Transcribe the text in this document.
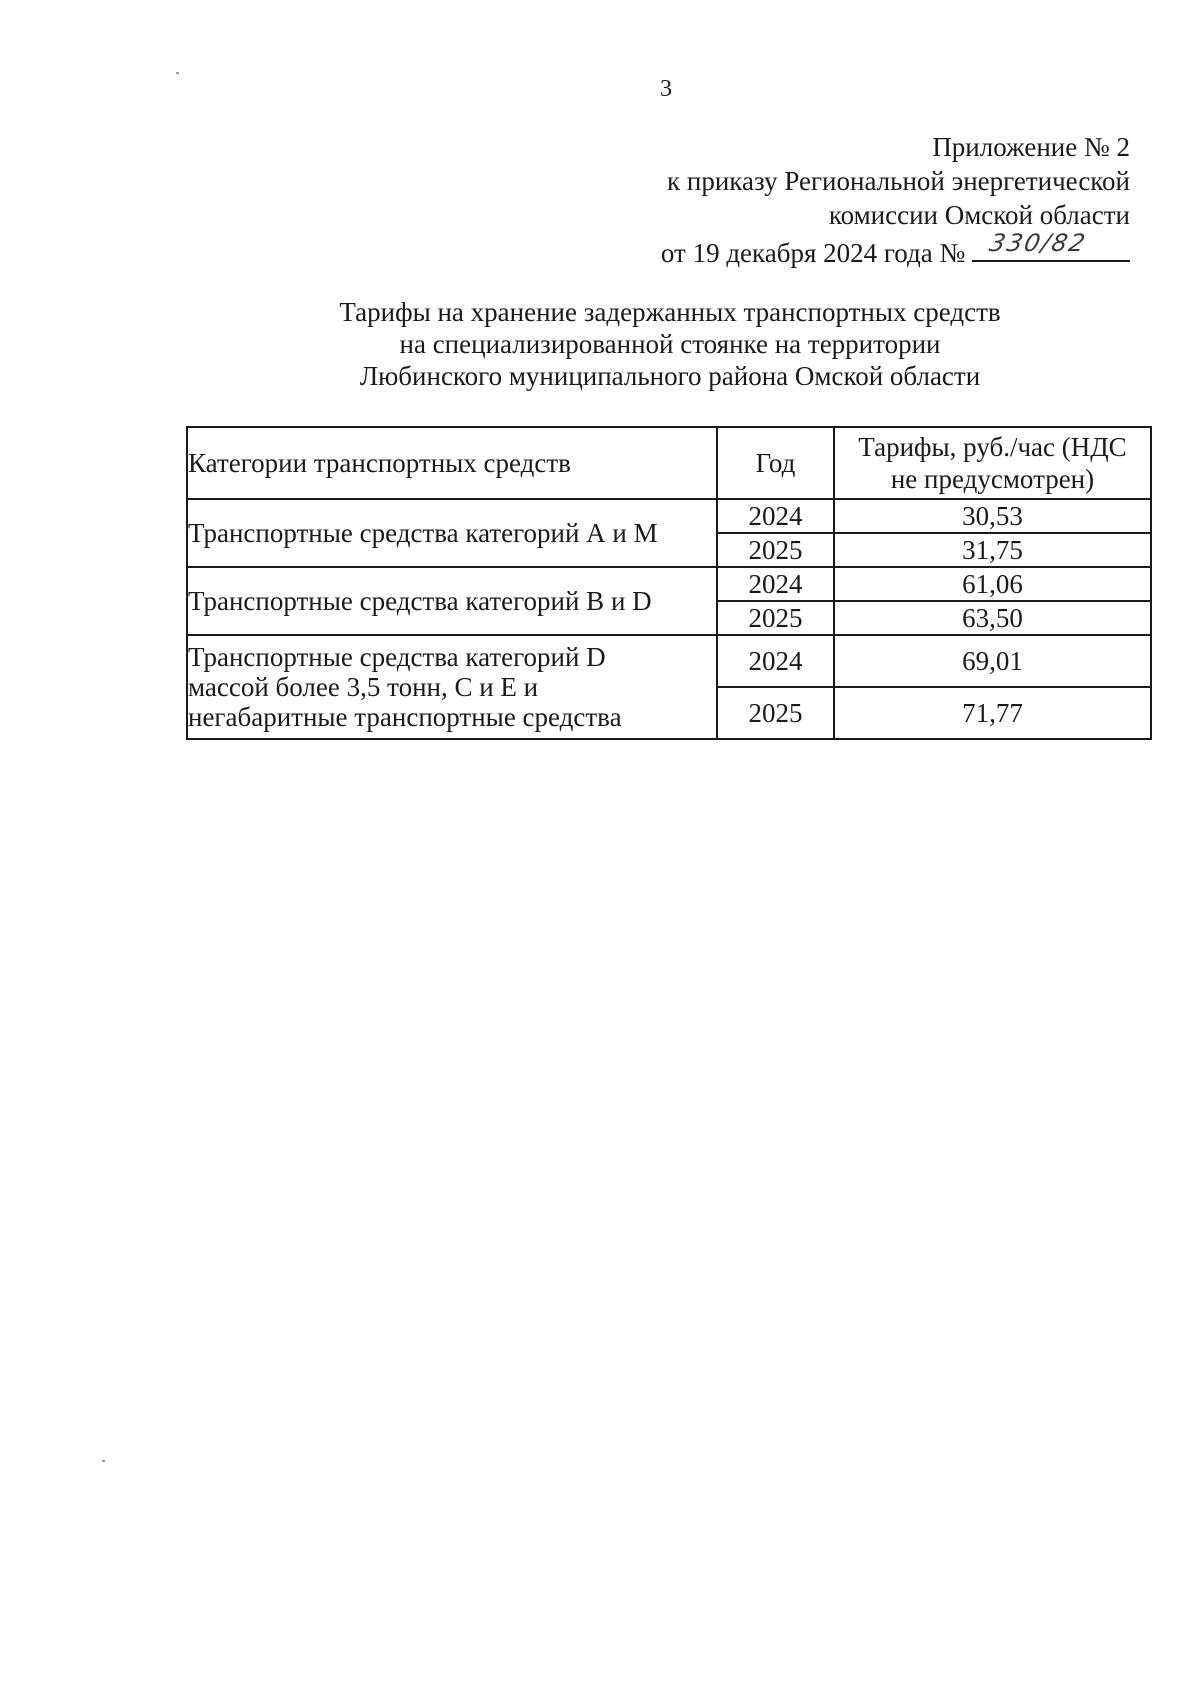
3
Приложение № 2
к приказу Региональной энергетической
комиссии Омской области
от 19 декабря 2024 года № 330/82
Тарифы на хранение задержанных транспортных средств
на специализированной стоянке на территории
Любинского муниципального района Омской области
Категории транспортных средств	Год	Тарифы, руб./час (НДС
не предусмотрен)

Транспортные средства категорий А и М	2024	30,53
	2025	31,75
Транспортные средства категорий В и D	2024	61,06
	2025	63,50

Транспортные средства категорий D
массой более 3,5 тонн, С и Е и
негабаритные транспортные средства	2024	69,01
	2025	71,77
